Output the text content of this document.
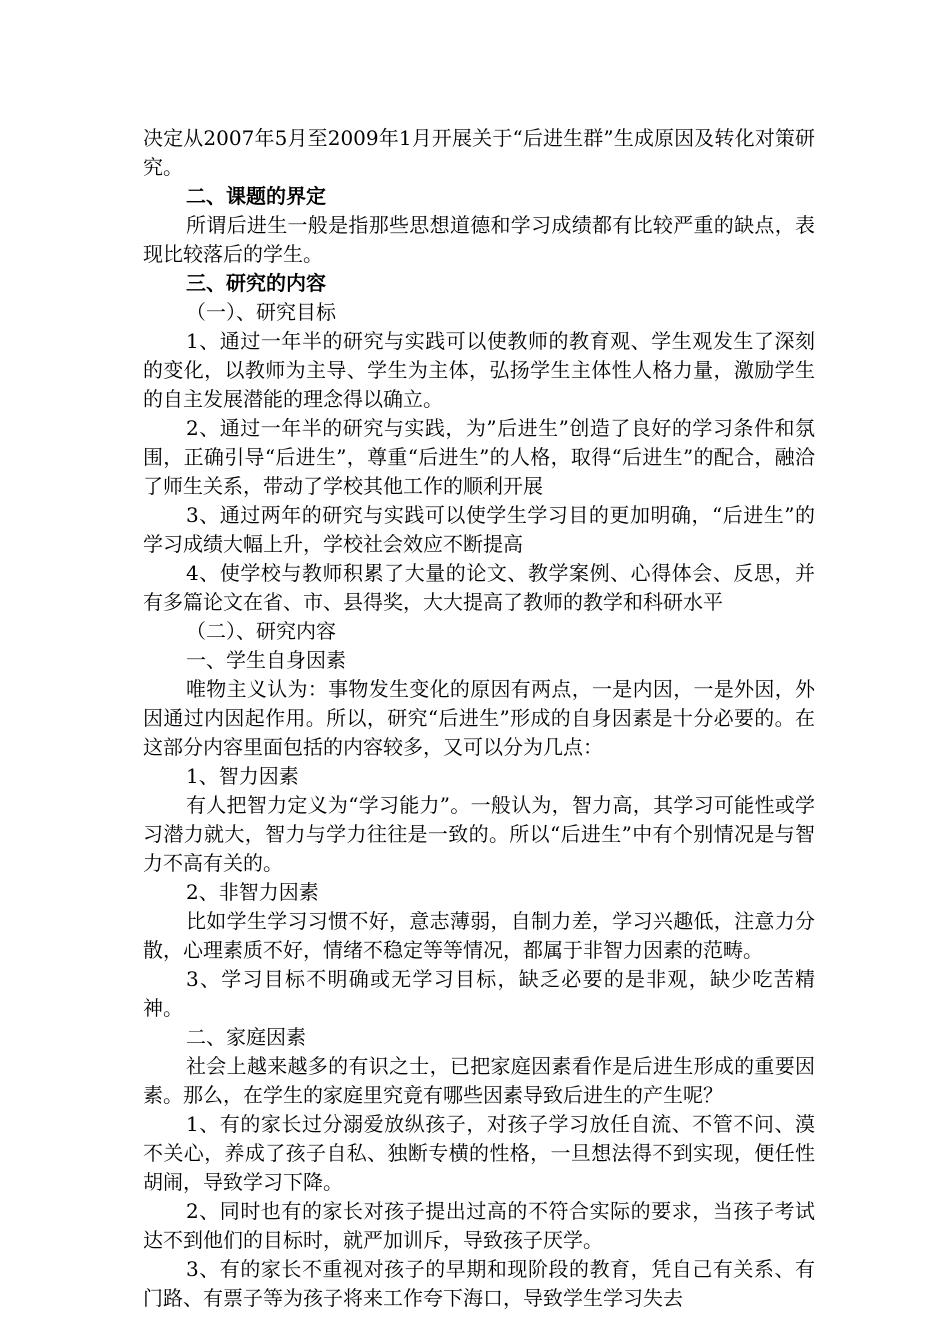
决定从2007年5月至2009年1月开展关于“后进生群”生成原因及转化对策研究。

二、课题的界定

所谓后进生一般是指那些思想道德和学习成绩都有比较严重的缺点，表现比较落后的学生。

三、研究的内容

（一）、研究目标

1、通过一年半的研究与实践可以使教师的教育观、学生观发生了深刻的变化，以教师为主导、学生为主体，弘扬学生主体性人格力量，激励学生的自主发展潜能的理念得以确立。

2、通过一年半的研究与实践，为”后进生”创造了良好的学习条件和氛围，正确引导“后进生”，尊重“后进生”的人格，取得“后进生”的配合，融洽了师生关系，带动了学校其他工作的顺利开展

3、通过两年的研究与实践可以使学生学习目的更加明确，“后进生”的学习成绩大幅上升，学校社会效应不断提高

4、使学校与教师积累了大量的论文、教学案例、心得体会、反思，并有多篇论文在省、市、县得奖，大大提高了教师的教学和科研水平

（二）、研究内容

一、学生自身因素

唯物主义认为：事物发生变化的原因有两点，一是内因，一是外因，外因通过内因起作用。所以，研究“后进生”形成的自身因素是十分必要的。在这部分内容里面包括的内容较多，又可以分为几点：

1、智力因素

有人把智力定义为“学习能力”。一般认为，智力高，其学习可能性或学习潜力就大，智力与学力往往是一致的。所以“后进生”中有个别情况是与智力不高有关的。

2、非智力因素

比如学生学习习惯不好，意志薄弱，自制力差，学习兴趣低，注意力分散，心理素质不好，情绪不稳定等等情况，都属于非智力因素的范畴。

3、学习目标不明确或无学习目标，缺乏必要的是非观，缺少吃苦精神。

二、家庭因素

社会上越来越多的有识之士，已把家庭因素看作是后进生形成的重要因素。那么，在学生的家庭里究竟有哪些因素导致后进生的产生呢？

1、有的家长过分溺爱放纵孩子，对孩子学习放任自流、不管不问、漠不关心，养成了孩子自私、独断专横的性格，一旦想法得不到实现，便任性胡闹，导致学习下降。

2、同时也有的家长对孩子提出过高的不符合实际的要求，当孩子考试达不到他们的目标时，就严加训斥，导致孩子厌学。

3、有的家长不重视对孩子的早期和现阶段的教育，凭自己有关系、有门路、有票子等为孩子将来工作夸下海口，导致学生学习失去
